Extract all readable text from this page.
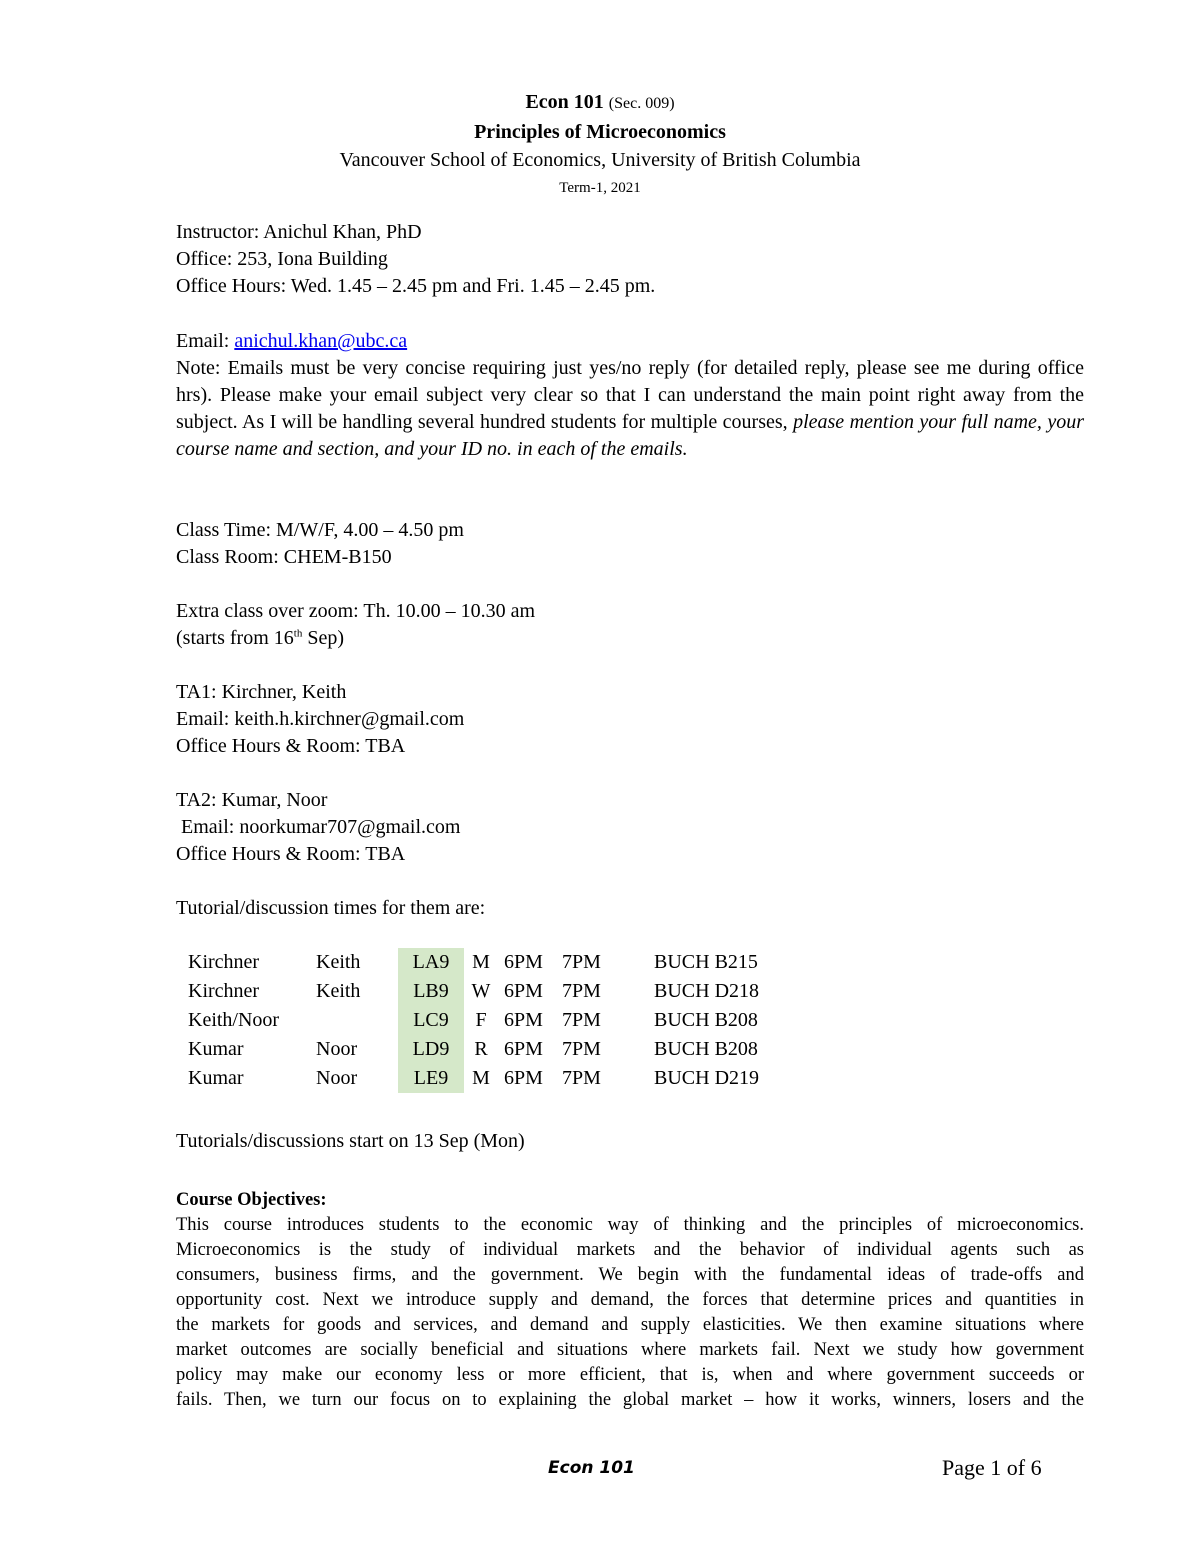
Econ 101 (Sec. 009)
Principles of Microeconomics
Vancouver School of Economics, University of British Columbia
Term-1, 2021
Instructor: Anichul Khan, PhD
Office: 253, Iona Building
Office Hours: Wed. 1.45 – 2.45 pm and Fri. 1.45 – 2.45 pm.
Email: anichul.khan@ubc.ca
Note: Emails must be very concise requiring just yes/no reply (for detailed reply, please see me during office hrs). Please make your email subject very clear so that I can understand the main point right away from the subject. As I will be handling several hundred students for multiple courses, please mention your full name, your course name and section, and your ID no. in each of the emails.
Class Time: M/W/F, 4.00 – 4.50 pm
Class Room: CHEM-B150
Extra class over zoom: Th. 10.00 – 10.30 am
(starts from 16th Sep)
TA1: Kirchner, Keith
Email: keith.h.kirchner@gmail.com
Office Hours & Room: TBA
TA2: Kumar, Noor
Email: noorkumar707@gmail.com
Office Hours & Room: TBA
Tutorial/discussion times for them are:
Kirchner	Keith	LA9	M	6PM	7PM	BUCH B215
Kirchner	Keith	LB9	W	6PM	7PM	BUCH D218
Keith/Noor		LC9	F	6PM	7PM	BUCH B208
Kumar	Noor	LD9	R	6PM	7PM	BUCH B208
Kumar	Noor	LE9	M	6PM	7PM	BUCH D219
Tutorials/discussions start on 13 Sep (Mon)
Course Objectives:

This course introduces students to the economic way of thinking and the principles of microeconomics.

Microeconomics is the study of individual markets and the behavior of individual agents such as

consumers, business firms, and the government. We begin with the fundamental ideas of trade-offs and

opportunity cost. Next we introduce supply and demand, the forces that determine prices and quantities in

the markets for goods and services, and demand and supply elasticities. We then examine situations where

market outcomes are socially beneficial and situations where markets fail. Next we study how government

policy may make our economy less or more efficient, that is, when and where government succeeds or

fails. Then, we turn our focus on to explaining the global market – how it works, winners, losers and the

Econ 101	Page 1 of 6
